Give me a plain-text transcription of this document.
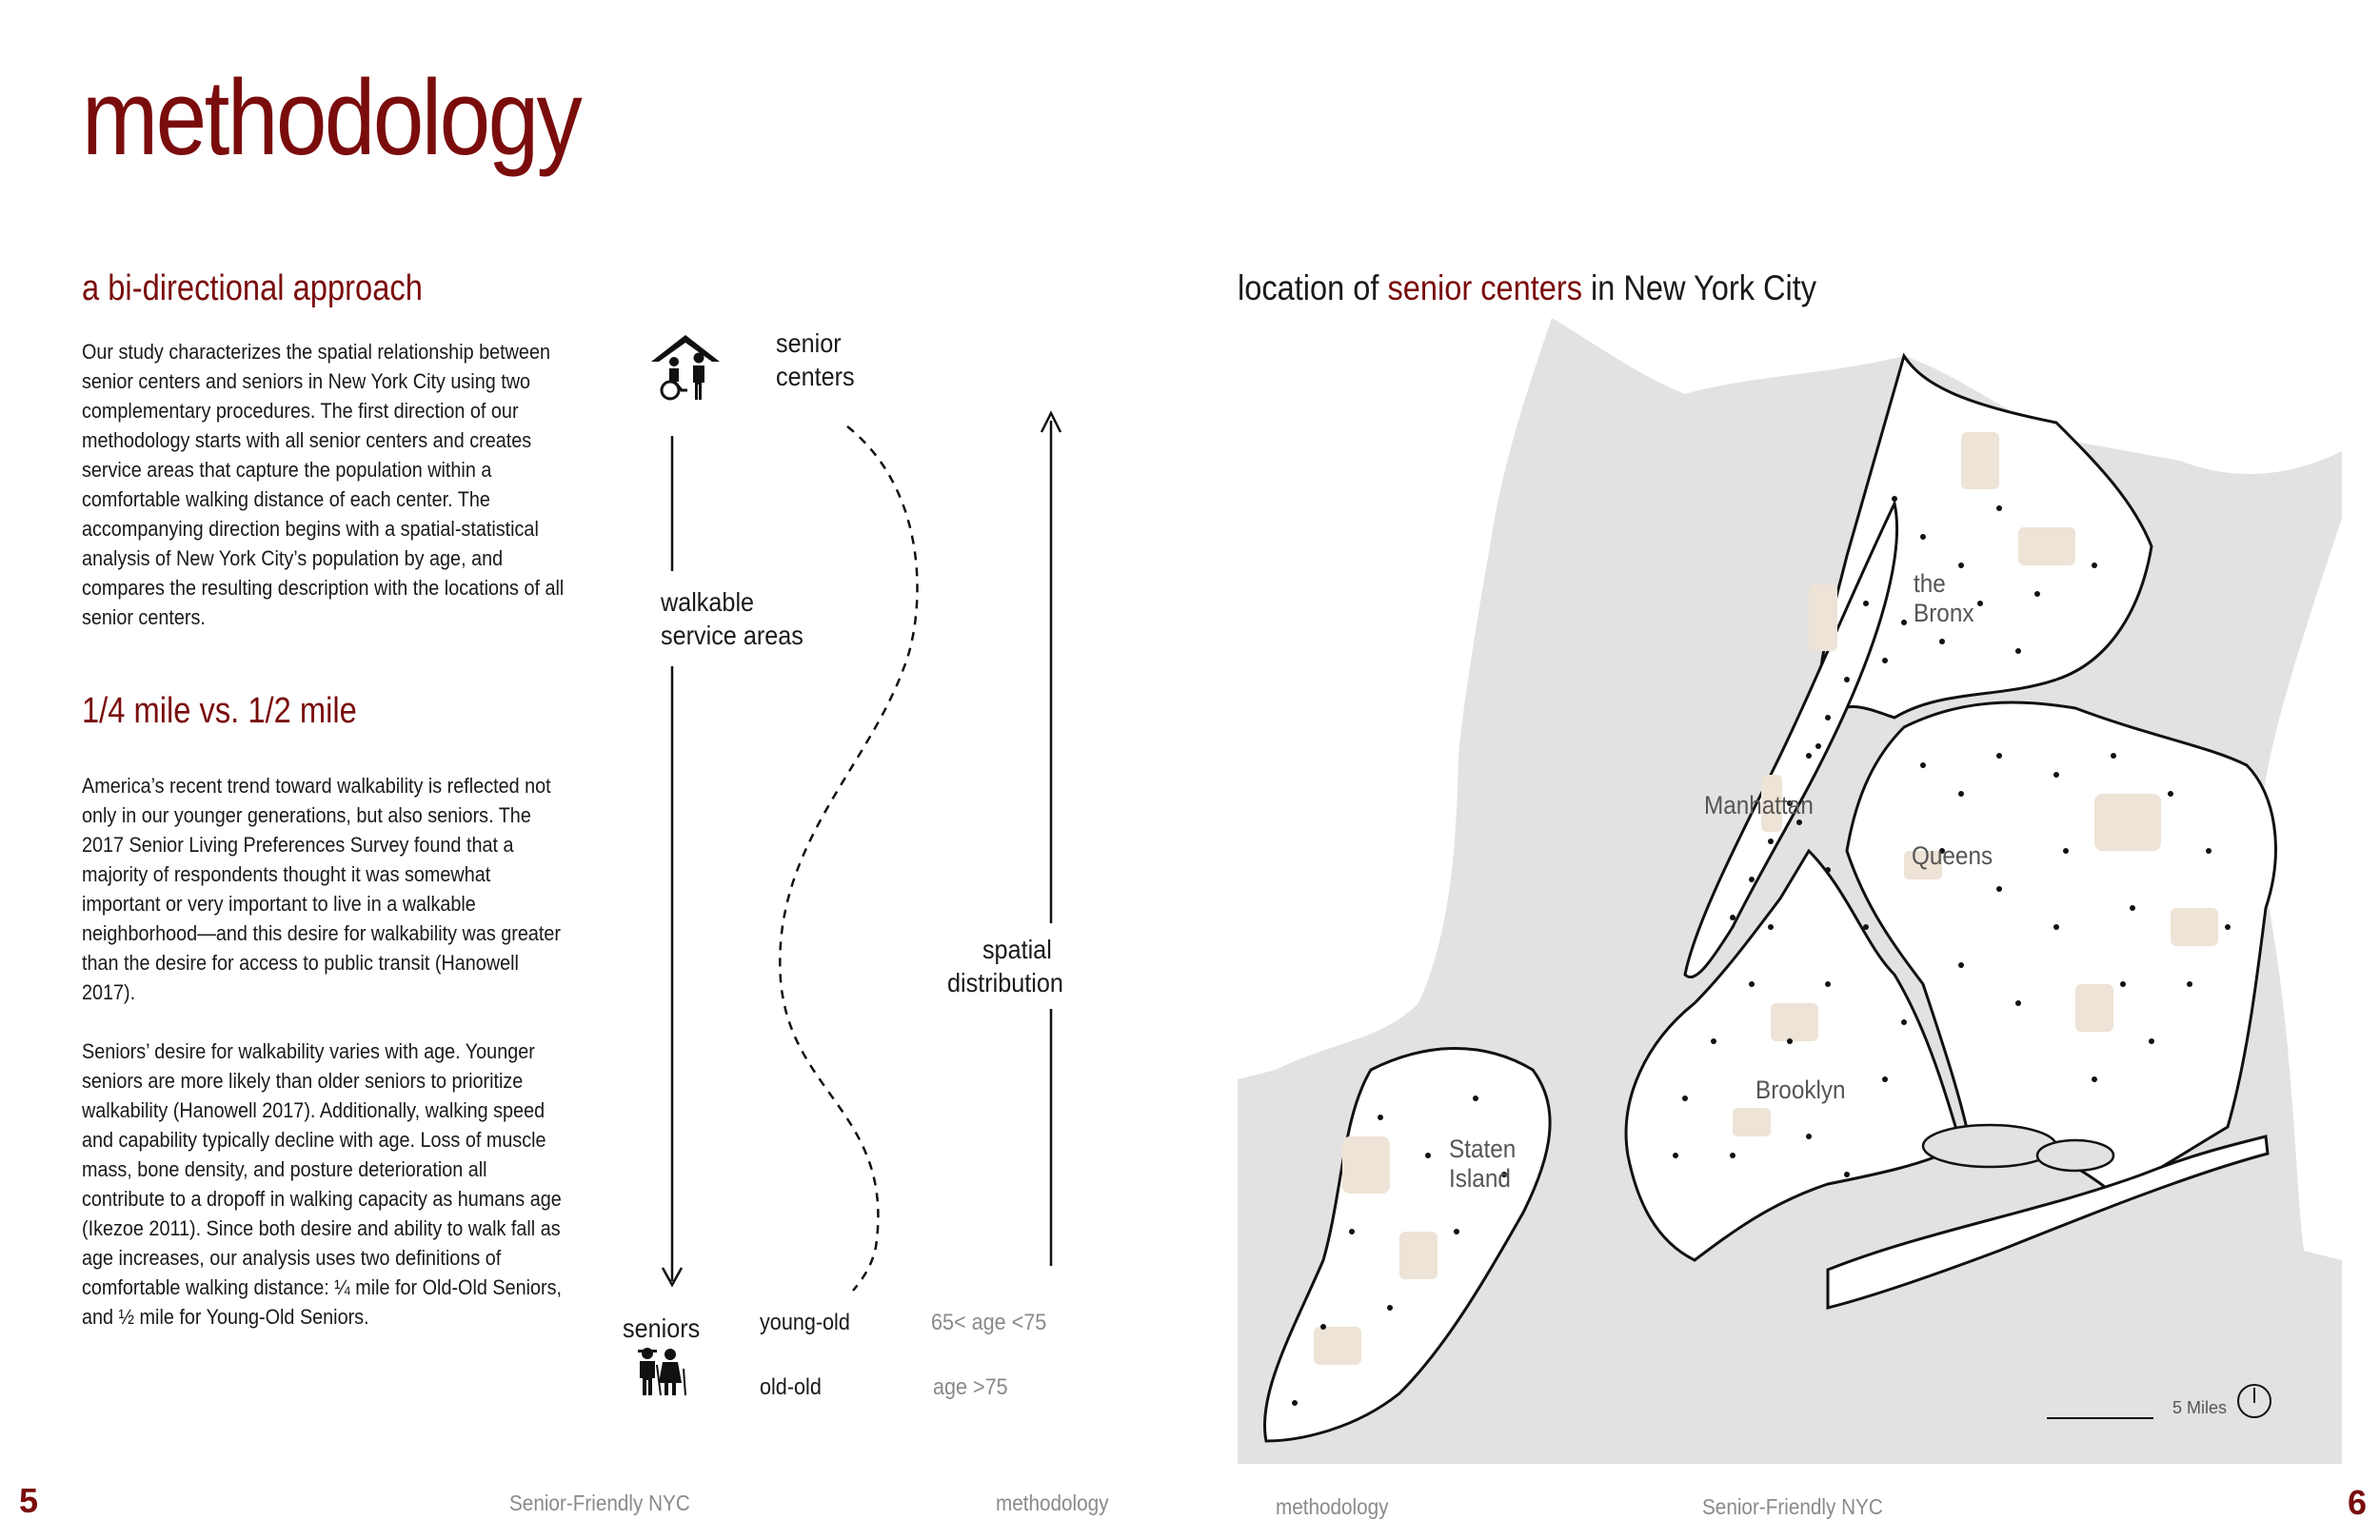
methodology
a bi-directional approach

Our study characterizes the spatial relationship between senior centers and seniors in New York City using two complementary procedures. The first direction of our methodology starts with all senior centers and creates service areas that capture the population within a comfortable walking distance of each center. The accompanying direction begins with a spatial-statistical analysis of New York City’s population by age, and compares the resulting description with the locations of all senior centers.

1/4 mile vs. 1/2 mile

America’s recent trend toward walkability is reflected not only in our younger generations, but also seniors. The 2017 Senior Living Preferences Survey found that a majority of respondents thought it was somewhat important or very important to live in a walkable neighborhood—and this desire for walkability was greater than the desire for access to public transit (Hanowell 2017).

Seniors’ desire for walkability varies with age. Younger seniors are more likely than older seniors to prioritize walkability (Hanowell 2017). Additionally, walking speed and capability typically decline with age. Loss of muscle mass, bone density, and posture deterioration all contribute to a dropoff in walking capacity as humans age (Ikezoe 2011). Since both desire and ability to walk fall as age increases, our analysis uses two definitions of comfortable walking distance: ¼ mile for Old-Old Seniors, and ½ mile for Young-Old Seniors.

senior
centers
walkable
service areas
spatial
distribution
seniors	young-old	65< age <75
old-old	age >75
location of senior centers in New York City
the
Bronx
Manhattan
Queens
Brooklyn
Staten
Island
5 Miles
5	Senior-Friendly NYC	methodology	methodology	Senior-Friendly NYC	6
